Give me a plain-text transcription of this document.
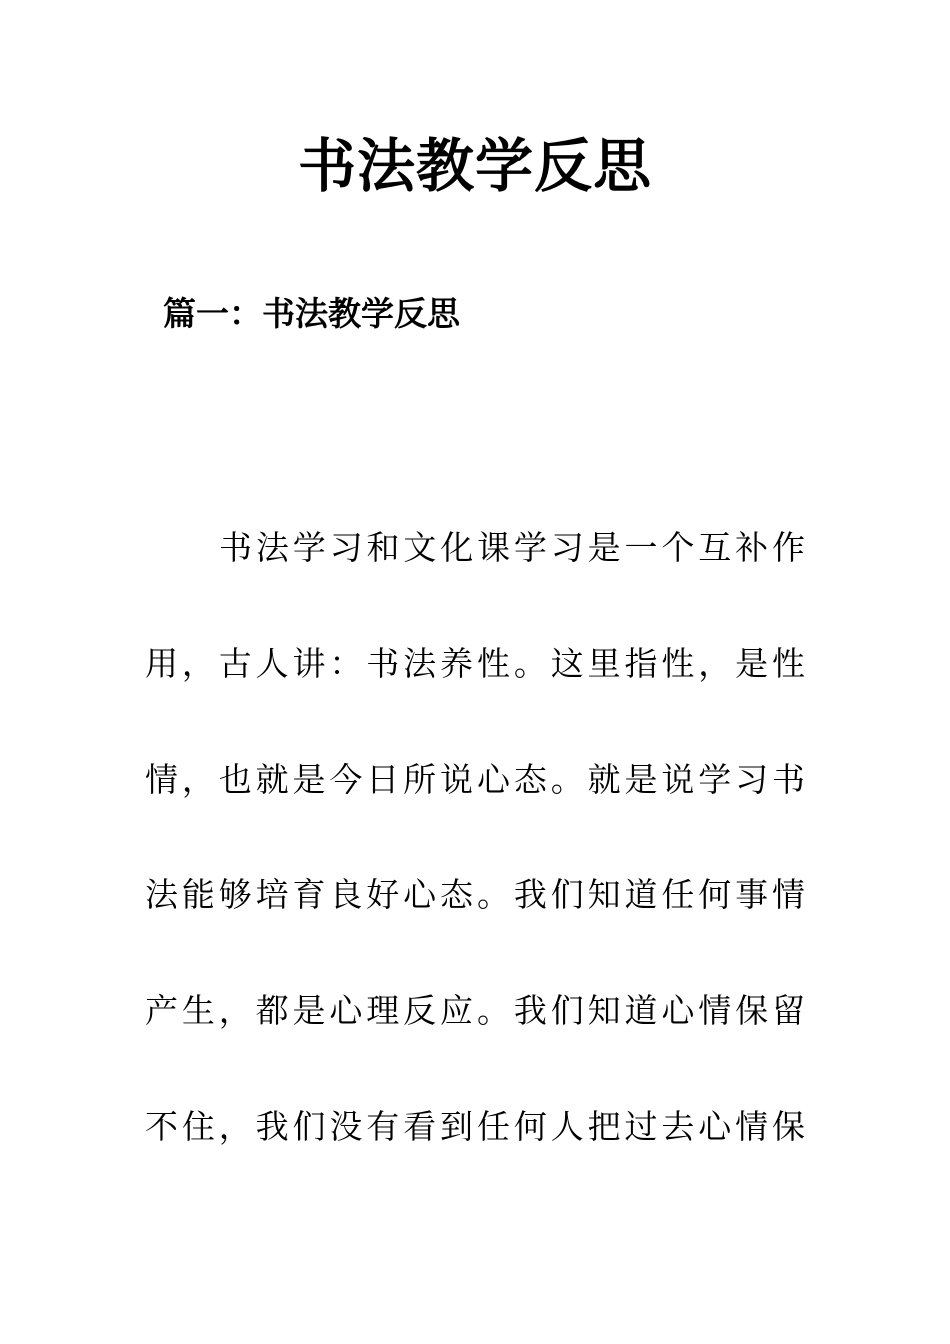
书法教学反思
篇一：书法教学反思

书法学习和文化课学习是一个互补作

用，古人讲：书法养性。这里指性，是性

情，也就是今日所说心态。就是说学习书

法能够培育良好心态。我们知道任何事情

产生，都是心理反应。我们知道心情保留

不住，我们没有看到任何人把过去心情保
